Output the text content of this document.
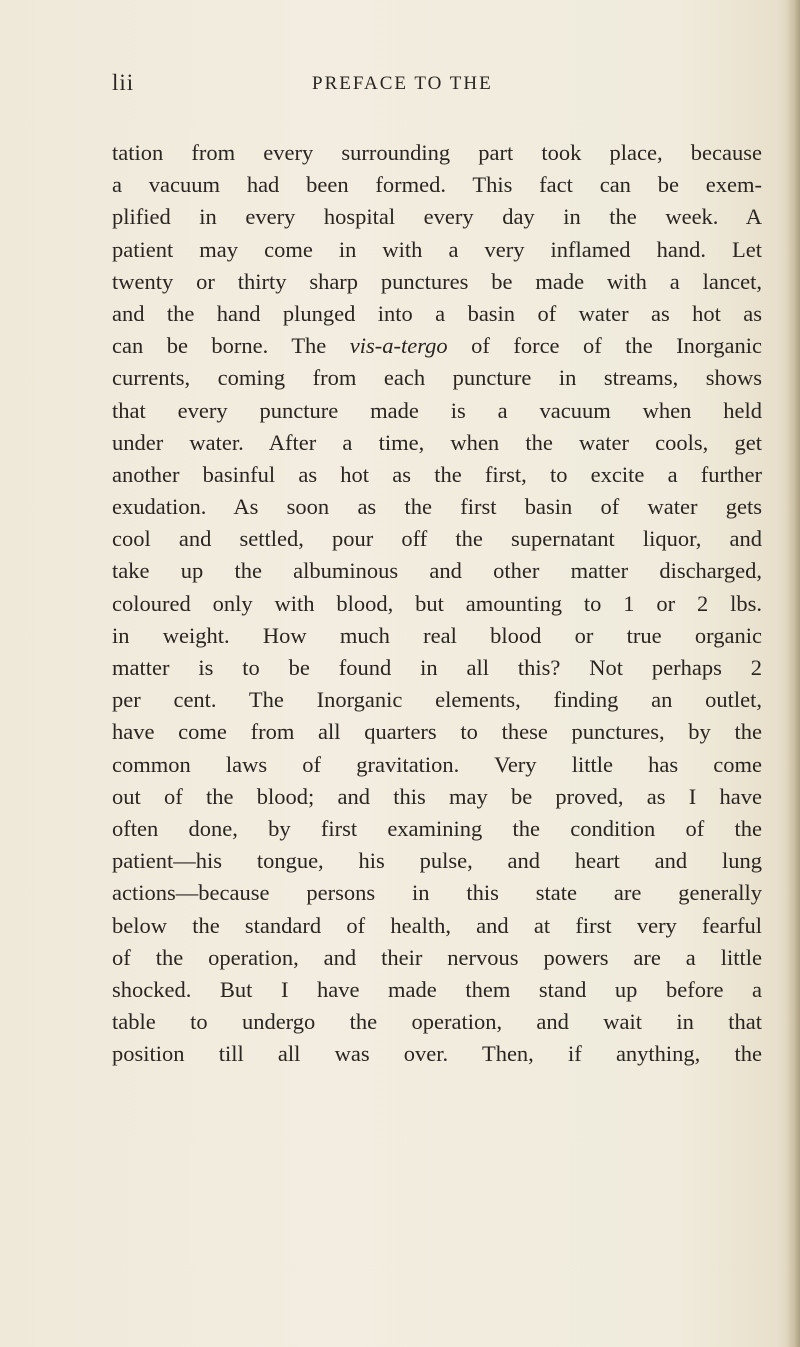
lii	PREFACE TO THE
tation from every surrounding part took place, because
a vacuum had been formed. This fact can be exem-
plified in every hospital every day in the week. A
patient may come in with a very inflamed hand. Let
twenty or thirty sharp punctures be made with a lancet,
and the hand plunged into a basin of water as hot as
can be borne. The vis-a-tergo of force of the Inorganic
currents, coming from each puncture in streams, shows
that every puncture made is a vacuum when held
under water. After a time, when the water cools, get
another basinful as hot as the first, to excite a further
exudation. As soon as the first basin of water gets
cool and settled, pour off the supernatant liquor, and
take up the albuminous and other matter discharged,
coloured only with blood, but amounting to 1 or 2 lbs.
in weight. How much real blood or true organic
matter is to be found in all this? Not perhaps 2
per cent. The Inorganic elements, finding an outlet,
have come from all quarters to these punctures, by the
common laws of gravitation. Very little has come
out of the blood; and this may be proved, as I have
often done, by first examining the condition of the
patient—his tongue, his pulse, and heart and lung
actions—because persons in this state are generally
below the standard of health, and at first very fearful
of the operation, and their nervous powers are a little
shocked. But I have made them stand up before a
table to undergo the operation, and wait in that
position till all was over. Then, if anything, the
